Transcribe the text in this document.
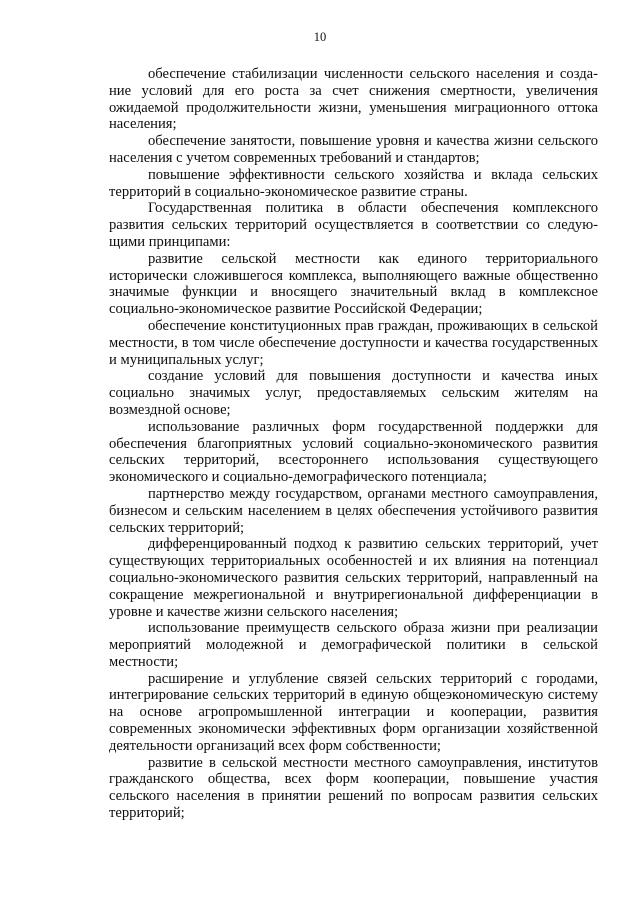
10

обеспечение стабилизации численности сельского населения и создание условий для его роста за счет снижения смертности, увеличения ожидаемой продолжительности жизни, уменьшения миграционного оттока населения;

обеспечение занятости, повышение уровня и качества жизни сельского населения с учетом современных требований и стандартов;

повышение эффективности сельского хозяйства и вклада сельских территорий в социально-экономическое развитие страны.

Государственная политика в области обеспечения комплексного развития сельских территорий осуществляется в соответствии со следующими принципами:

развитие сельской местности как единого территориального исторически сложившегося комплекса, выполняющего важные общественно значимые функции и вносящего значительный вклад в комплексное социально-экономическое развитие Российской Федерации;

обеспечение конституционных прав граждан, проживающих в сельской местности, в том числе обеспечение доступности и качества государственных и муниципальных услуг;

создание условий для повышения доступности и качества иных социально значимых услуг, предоставляемых сельским жителям на возмездной основе;

использование различных форм государственной поддержки для обеспечения благоприятных условий социально-экономического развития сельских территорий, всестороннего использования существующего экономического и социально-демографического потенциала;

партнерство между государством, органами местного самоуправления, бизнесом и сельским населением в целях обеспечения устойчивого развития сельских территорий;

дифференцированный подход к развитию сельских территорий, учет существующих территориальных особенностей и их влияния на потенциал социально-экономического развития сельских территорий, направленный на сокращение межрегиональной и внутрирегиональной дифференциации в уровне и качестве жизни сельского населения;

использование преимуществ сельского образа жизни при реализации мероприятий молодежной и демографической политики в сельской местности;

расширение и углубление связей сельских территорий с городами, интегрирование сельских территорий в единую общеэкономическую систему на основе агропромышленной интеграции и кооперации, развития современных экономически эффективных форм организации хозяйственной деятельности организаций всех форм собственности;

развитие в сельской местности местного самоуправления, институтов гражданского общества, всех форм кооперации, повышение участия сельского населения в принятии решений по вопросам развития сельских территорий;
